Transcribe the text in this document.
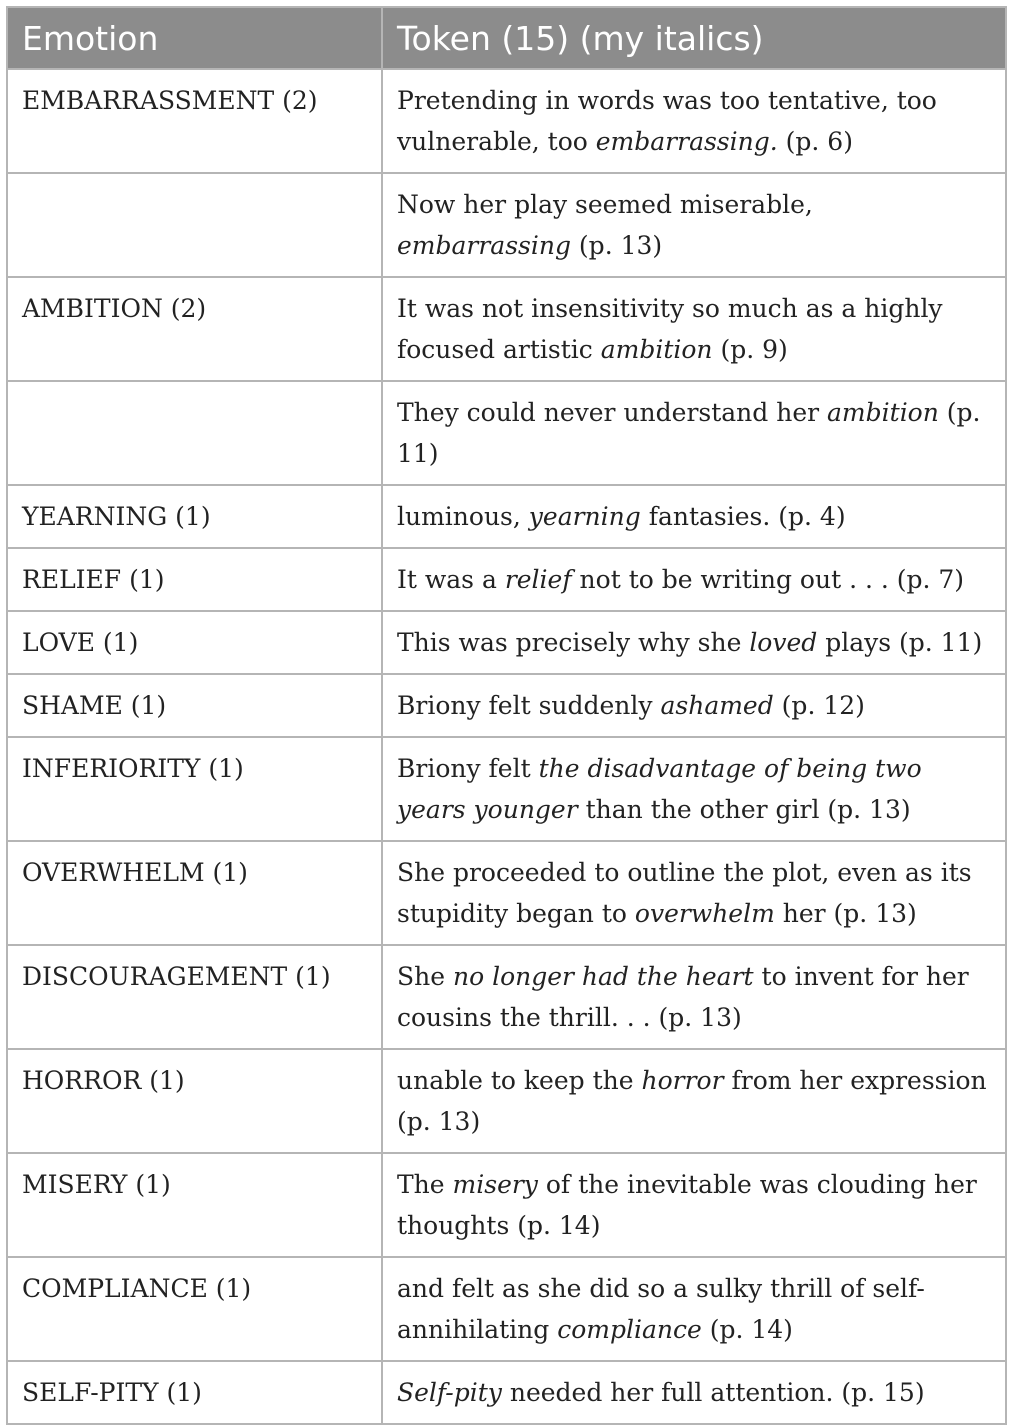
Emotion	Token (15) (my italics)
EMBARRASSMENT (2)	Pretending in words was too tentative, too vulnerable, too embarrassing. (p. 6)
	Now her play seemed miserable, embarrassing (p. 13)
AMBITION (2)	It was not insensitivity so much as a highly focused artistic ambition (p. 9)
	They could never understand her ambition (p. 11)
YEARNING (1)	luminous, yearning fantasies. (p. 4)
RELIEF (1)	It was a relief not to be writing out . . . (p. 7)
LOVE (1)	This was precisely why she loved plays (p. 11)
SHAME (1)	Briony felt suddenly ashamed (p. 12)
INFERIORITY (1)	Briony felt the disadvantage of being two years younger than the other girl (p. 13)
OVERWHELM (1)	She proceeded to outline the plot, even as its stupidity began to overwhelm her (p. 13)
DISCOURAGEMENT (1)	She no longer had the heart to invent for her cousins the thrill. . . (p. 13)
HORROR (1)	unable to keep the horror from her expression (p. 13)
MISERY (1)	The misery of the inevitable was clouding her thoughts (p. 14)
COMPLIANCE (1)	and felt as she did so a sulky thrill of self-annihilating compliance (p. 14)
SELF-PITY (1)	Self-pity needed her full attention. (p. 15)
